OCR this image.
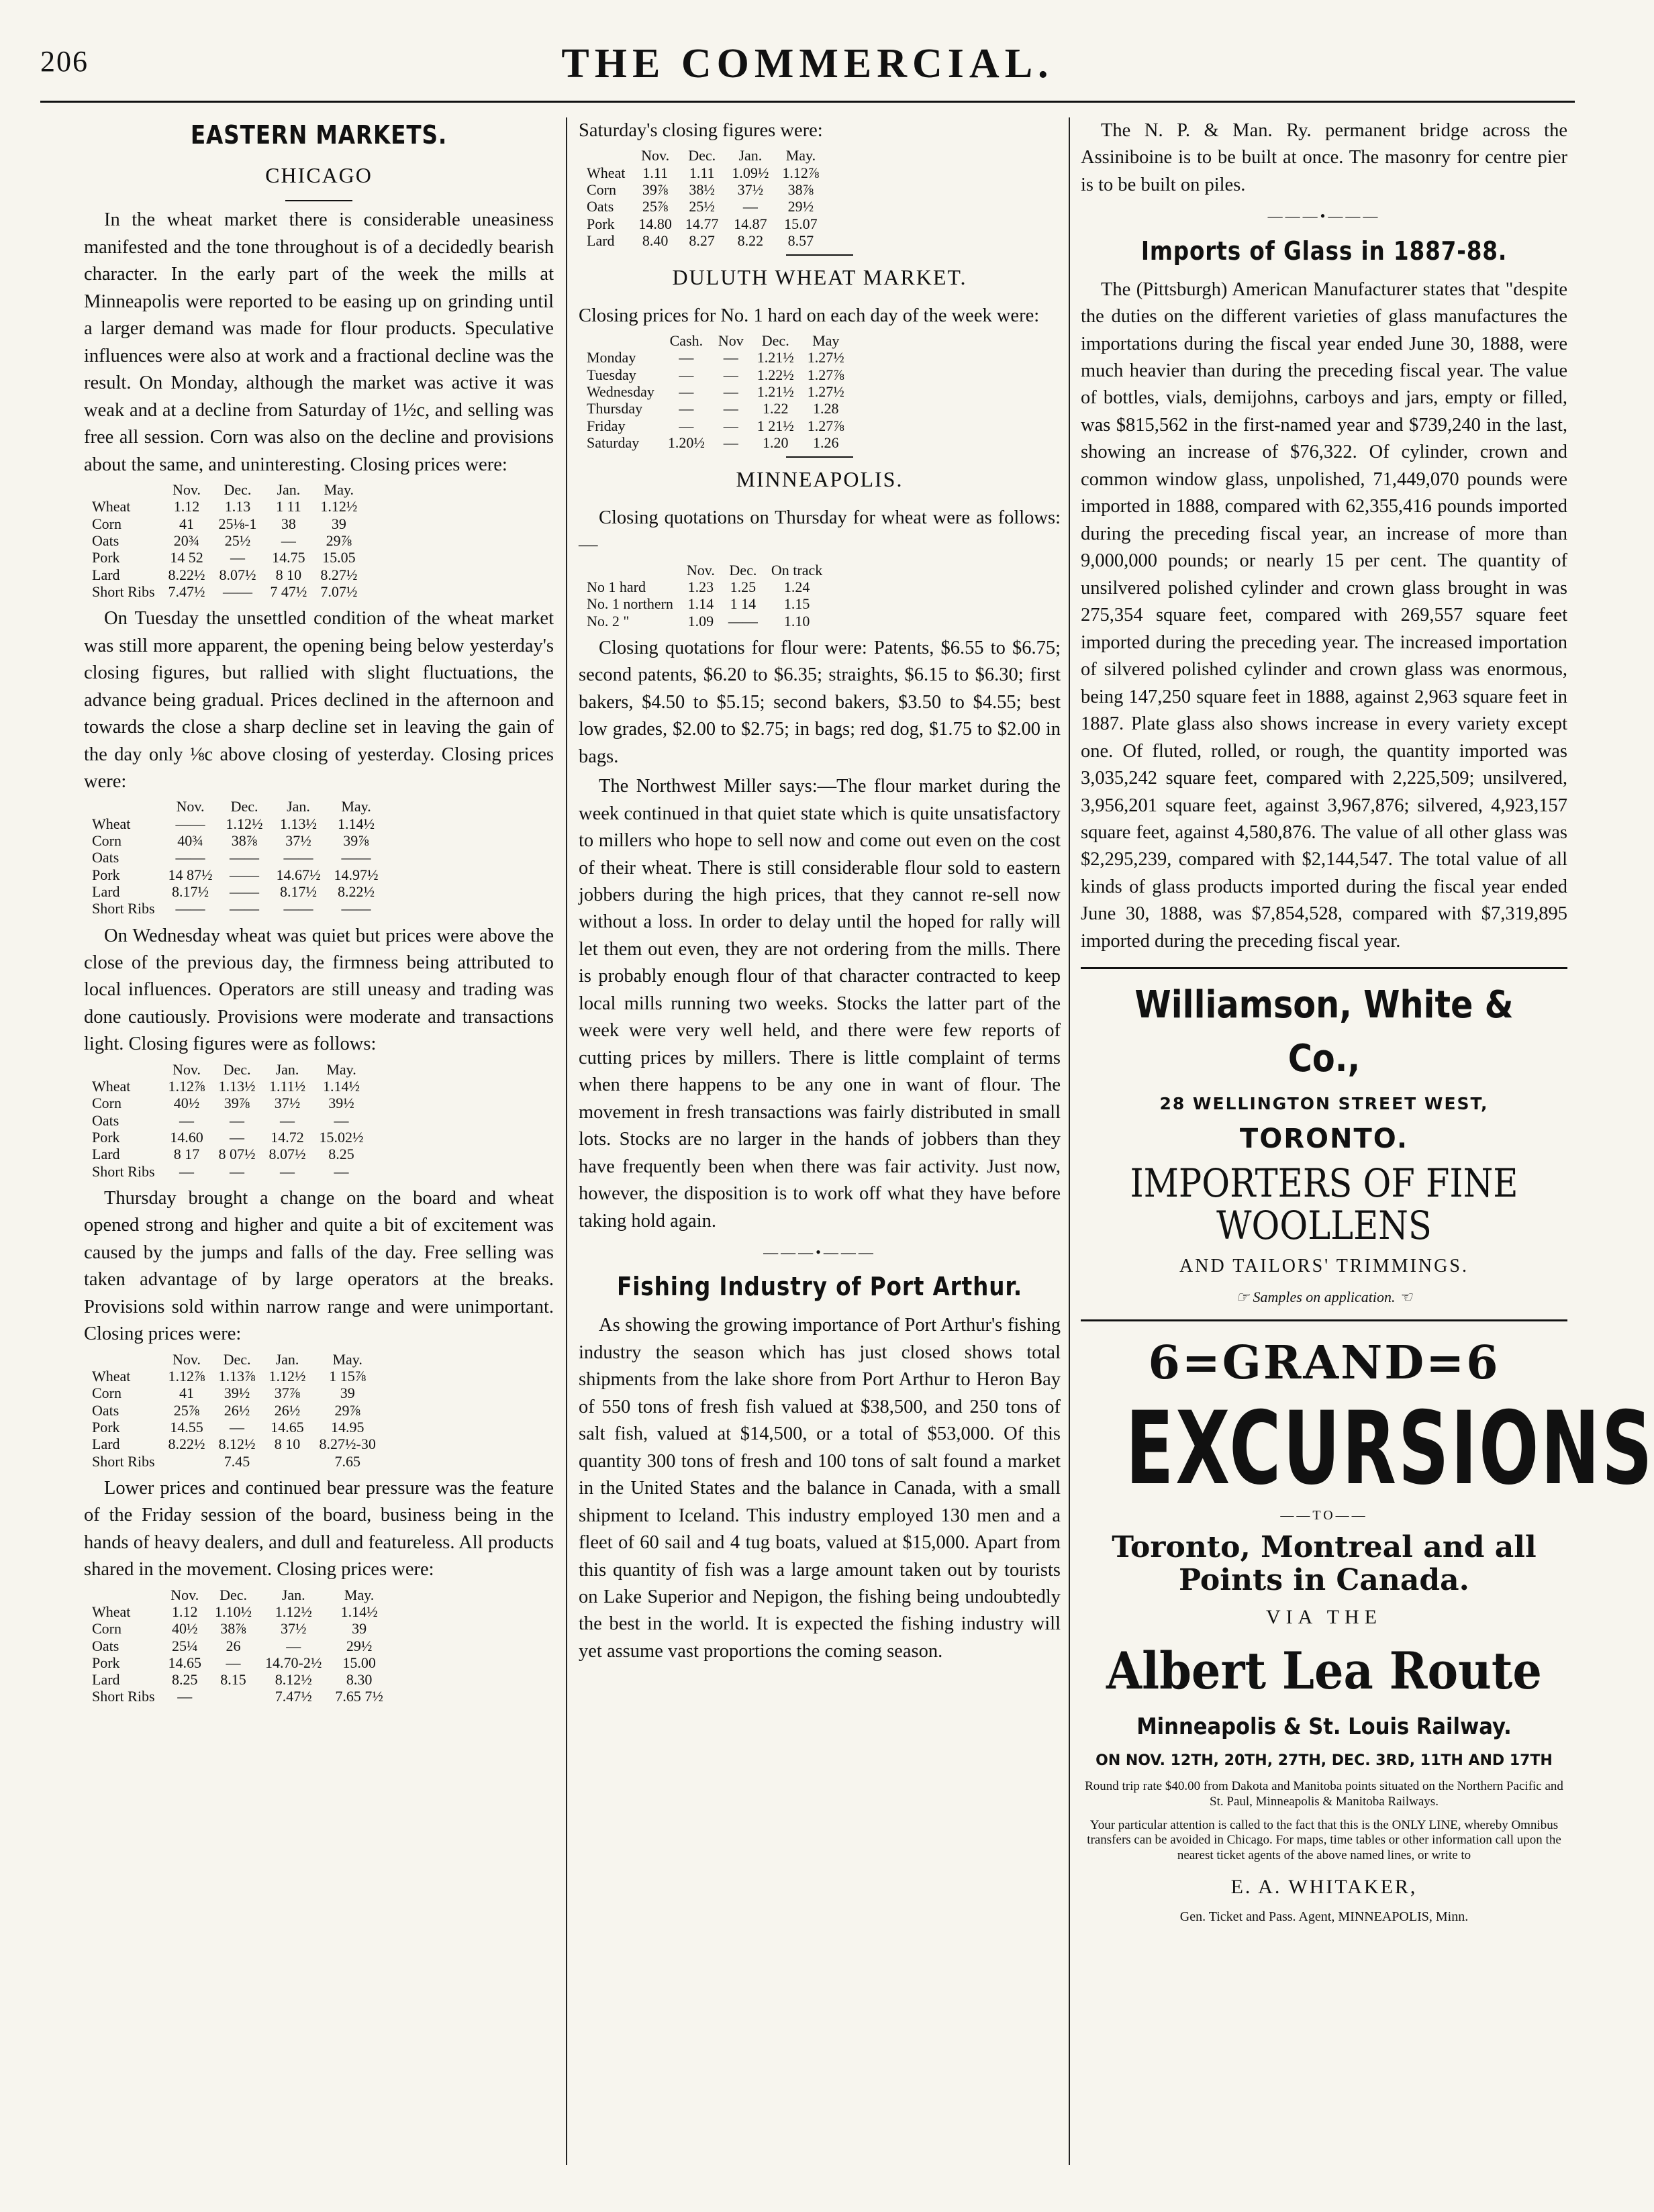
206	THE COMMERCIAL.
EASTERN MARKETS.
CHICAGO

In the wheat market there is considerable uneasiness manifested and the tone throughout is of a decidedly bearish character. In the early part of the week the mills at Minneapolis were reported to be easing up on grinding until a larger demand was made for flour products. Speculative influences were also at work and a fractional decline was the result. On Monday, although the market was active it was weak and at a decline from Saturday of 1½c, and selling was free all session. Corn was also on the decline and provisions about the same, and uninteresting. Closing prices were:

	Nov.	Dec.	Jan.	May.
Wheat	1.12	1.13	1 11	1.12½
Corn	41	25⅛-1	38	39
Oats	20¾	25½	—	29⅞
Pork	14 52	—	14.75	15.05
Lard	8.22½	8.07½	8 10	8.27½
Short Ribs	7.47½	——	7 47½	7.07½

On Tuesday the unsettled condition of the wheat market was still more apparent, the opening being below yesterday's closing figures, but rallied with slight fluctuations, the advance being gradual. Prices declined in the afternoon and towards the close a sharp decline set in leaving the gain of the day only ⅛c above closing of yesterday. Closing prices were:

	Nov.	Dec.	Jan.	May.
Wheat	——	1.12½	1.13½	1.14½
Corn	40¾	38⅞	37½	39⅞
Oats	——	——	——	——
Pork	14 87½	——	14.67½	14.97½
Lard	8.17½	——	8.17½	8.22½
Short Ribs	——	——	——	——

On Wednesday wheat was quiet but prices were above the close of the previous day, the firmness being attributed to local influences. Operators are still uneasy and trading was done cautiously. Provisions were moderate and transactions light. Closing figures were as follows:

	Nov.	Dec.	Jan.	May.
Wheat	1.12⅞	1.13½	1.11½	1.14½
Corn	40½	39⅞	37½	39½
Oats	—	—	—	—
Pork	14.60	—	14.72	15.02½
Lard	8 17	8 07½	8.07½	8.25
Short Ribs	—	—	—	—

Thursday brought a change on the board and wheat opened strong and higher and quite a bit of excitement was caused by the jumps and falls of the day. Free selling was taken advantage of by large operators at the breaks. Provisions sold within narrow range and were unimportant. Closing prices were:

	Nov.	Dec.	Jan.	May.
Wheat	1.12⅞	1.13⅞	1.12½	1 15⅞
Corn	41	39½	37⅞	39
Oats	25⅞	26½	26½	29⅞
Pork	14.55	—	14.65	14.95
Lard	8.22½	8.12½	8 10	8.27½-30
Short Ribs		7.45		7.65

Lower prices and continued bear pressure was the feature of the Friday session of the board, business being in the hands of heavy dealers, and dull and featureless. All products shared in the movement. Closing prices were:

	Nov.	Dec.	Jan.	May.
Wheat	1.12	1.10½	1.12½	1.14½
Corn	40½	38⅞	37½	39
Oats	25¼	26	—	29½
Pork	14.65	—	14.70-2½	15.00
Lard	8.25	8.15	8.12½	8.30
Short Ribs	—		7.47½	7.65 7½

Saturday's closing figures were:

	Nov.	Dec.	Jan.	May.
Wheat	1.11	1.11	1.09½	1.12⅞
Corn	39⅞	38½	37½	38⅞
Oats	25⅞	25½	—	29½
Pork	14.80	14.77	14.87	15.07
Lard	8.40	8.27	8.22	8.57
DULUTH WHEAT MARKET.

Closing prices for No. 1 hard on each day of the week were:

	Cash.	Nov	Dec.	May
Monday	—	—	1.21½	1.27½
Tuesday	—	—	1.22½	1.27⅞
Wednesday	—	—	1.21½	1.27½
Thursday	—	—	1.22	1.28
Friday	—	—	1 21½	1.27⅞
Saturday	1.20½	—	1.20	1.26
MINNEAPOLIS.

Closing quotations on Thursday for wheat were as follows:—

	Nov.	Dec.	On track
No 1 hard	1.23	1.25	1.24
No. 1 northern	1.14	1 14	1.15
No. 2 "	1.09	——	1.10

Closing quotations for flour were: Patents, $6.55 to $6.75; second patents, $6.20 to $6.35; straights, $6.15 to $6.30; first bakers, $4.50 to $5.15; second bakers, $3.50 to $4.55; best low grades, $2.00 to $2.75; in bags; red dog, $1.75 to $2.00 in bags.

The Northwest Miller says:—The flour market during the week continued in that quiet state which is quite unsatisfactory to millers who hope to sell now and come out even on the cost of their wheat. There is still considerable flour sold to eastern jobbers during the high prices, that they cannot re-sell now without a loss. In order to delay until the hoped for rally will let them out even, they are not ordering from the mills. There is probably enough flour of that character contracted to keep local mills running two weeks. Stocks the latter part of the week were very well held, and there were few reports of cutting prices by millers. There is little complaint of terms when there happens to be any one in want of flour. The movement in fresh transactions was fairly distributed in small lots. Stocks are no larger in the hands of jobbers than they have frequently been when there was fair activity. Just now, however, the disposition is to work off what they have before taking hold again.

———•———
Fishing Industry of Port Arthur.

As showing the growing importance of Port Arthur's fishing industry the season which has just closed shows total shipments from the lake shore from Port Arthur to Heron Bay of 550 tons of fresh fish valued at $38,500, and 250 tons of salt fish, valued at $14,500, or a total of $53,000. Of this quantity 300 tons of fresh and 100 tons of salt found a market in the United States and the balance in Canada, with a small shipment to Iceland. This industry employed 130 men and a fleet of 60 sail and 4 tug boats, valued at $15,000. Apart from this quantity of fish was a large amount taken out by tourists on Lake Superior and Nepigon, the fishing being undoubtedly the best in the world. It is expected the fishing industry will yet assume vast proportions the coming season.

The N. P. & Man. Ry. permanent bridge across the Assiniboine is to be built at once. The masonry for centre pier is to be built on piles.

———•———
Imports of Glass in 1887-88.

The (Pittsburgh) American Manufacturer states that "despite the duties on the different varieties of glass manufactures the importations during the fiscal year ended June 30, 1888, were much heavier than during the preceding fiscal year. The value of bottles, vials, demijohns, carboys and jars, empty or filled, was $815,562 in the first-named year and $739,240 in the last, showing an increase of $76,322. Of cylinder, crown and common window glass, unpolished, 71,449,070 pounds were imported in 1888, compared with 62,355,416 pounds imported during the preceding fiscal year, an increase of more than 9,000,000 pounds; or nearly 15 per cent. The quantity of unsilvered polished cylinder and crown glass brought in was 275,354 square feet, compared with 269,557 square feet imported during the preceding year. The increased importation of silvered polished cylinder and crown glass was enormous, being 147,250 square feet in 1888, against 2,963 square feet in 1887. Plate glass also shows increase in every variety except one. Of fluted, rolled, or rough, the quantity imported was 3,035,242 square feet, compared with 2,225,509; unsilvered, 3,956,201 square feet, against 3,967,876; silvered, 4,923,157 square feet, against 4,580,876. The value of all other glass was $2,295,239, compared with $2,144,547. The total value of all kinds of glass products imported during the fiscal year ended June 30, 1888, was $7,854,528, compared with $7,319,895 imported during the preceding fiscal year.

Williamson, White & Co.,
28 WELLINGTON STREET WEST,
TORONTO.
IMPORTERS OF FINE WOOLLENS
AND TAILORS' TRIMMINGS.
☞ Samples on application. ☜
6=GRAND=6
EXCURSIONS
——TO——
Toronto, Montreal and all Points in Canada.
VIA THE
Albert Lea Route
Minneapolis & St. Louis Railway.
ON NOV. 12TH, 20TH, 27TH, DEC. 3RD, 11TH AND 17TH
Round trip rate $40.00 from Dakota and Manitoba points situated on the Northern Pacific and St. Paul, Minneapolis & Manitoba Railways.
Your particular attention is called to the fact that this is the ONLY LINE, whereby Omnibus transfers can be avoided in Chicago. For maps, time tables or other information call upon the nearest ticket agents of the above named lines, or write to
E. A. WHITAKER,
Gen. Ticket and Pass. Agent, MINNEAPOLIS, Minn.
